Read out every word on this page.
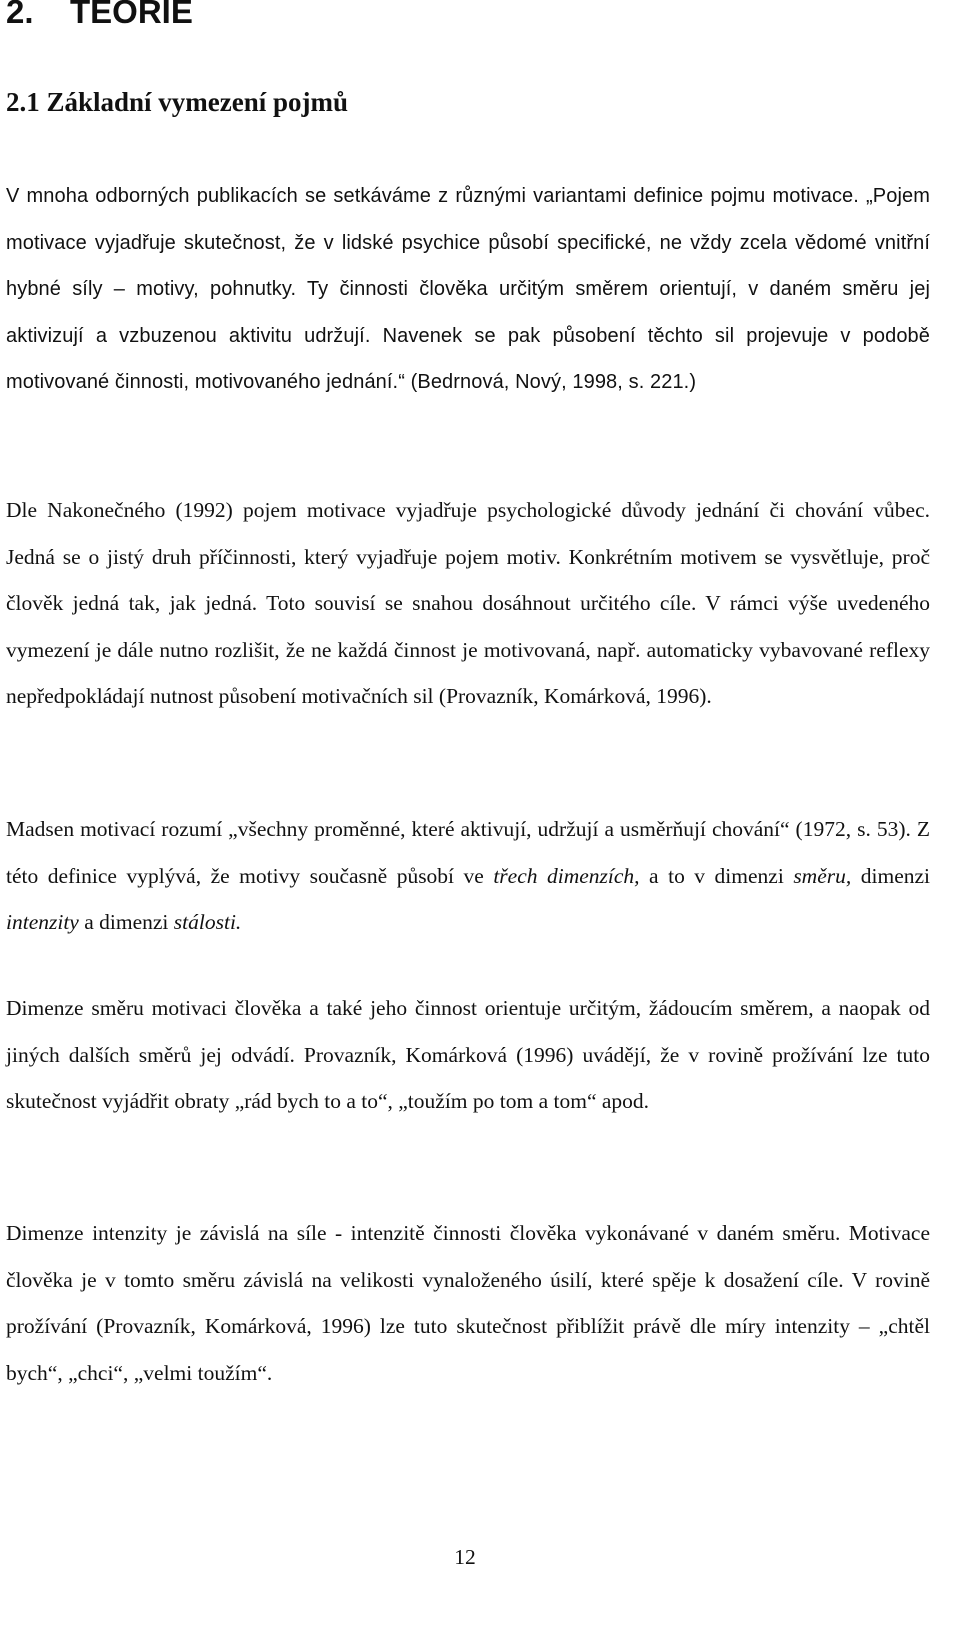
2. TEORIE
2.1 Základní vymezení pojmů

V mnoha odborných publikacích se setkáváme z různými variantami definice pojmu motivace. „Pojem motivace vyjadřuje skutečnost, že v lidské psychice působí specifické, ne vždy zcela vědomé vnitřní hybné síly – motivy, pohnutky. Ty činnosti člověka určitým směrem orientují, v daném směru jej aktivizují a vzbuzenou aktivitu udržují. Navenek se pak působení těchto sil projevuje v podobě motivované činnosti, motivovaného jednání.“ (Bedrnová, Nový, 1998, s. 221.)

Dle Nakonečného (1992) pojem motivace vyjadřuje psychologické důvody jednání či chování vůbec. Jedná se o jistý druh příčinnosti, který vyjadřuje pojem motiv. Konkrétním motivem se vysvětluje, proč člověk jedná tak, jak jedná. Toto souvisí se snahou dosáhnout určitého cíle. V rámci výše uvedeného vymezení je dále nutno rozlišit, že ne každá činnost je motivovaná, např. automaticky vybavované reflexy nepředpokládají nutnost působení motivačních sil (Provazník, Komárková, 1996).

Madsen motivací rozumí „všechny proměnné, které aktivují, udržují a usměrňují chování“ (1972, s. 53). Z této definice vyplývá, že motivy současně působí ve třech dimenzích, a to v dimenzi směru, dimenzi intenzity a dimenzi stálosti.

Dimenze směru motivaci člověka a také jeho činnost orientuje určitým, žádoucím směrem, a naopak od jiných dalších směrů jej odvádí. Provazník, Komárková (1996) uvádějí, že v rovině prožívání lze tuto skutečnost vyjádřit obraty „rád bych to a to“, „toužím po tom a tom“ apod.

Dimenze intenzity je závislá na síle - intenzitě činnosti člověka vykonávané v daném směru. Motivace člověka je v tomto směru závislá na velikosti vynaloženého úsilí, které spěje k dosažení cíle. V rovině prožívání (Provazník, Komárková, 1996) lze tuto skutečnost přiblížit právě dle míry intenzity – „chtěl bych“, „chci“, „velmi toužím“.

12
